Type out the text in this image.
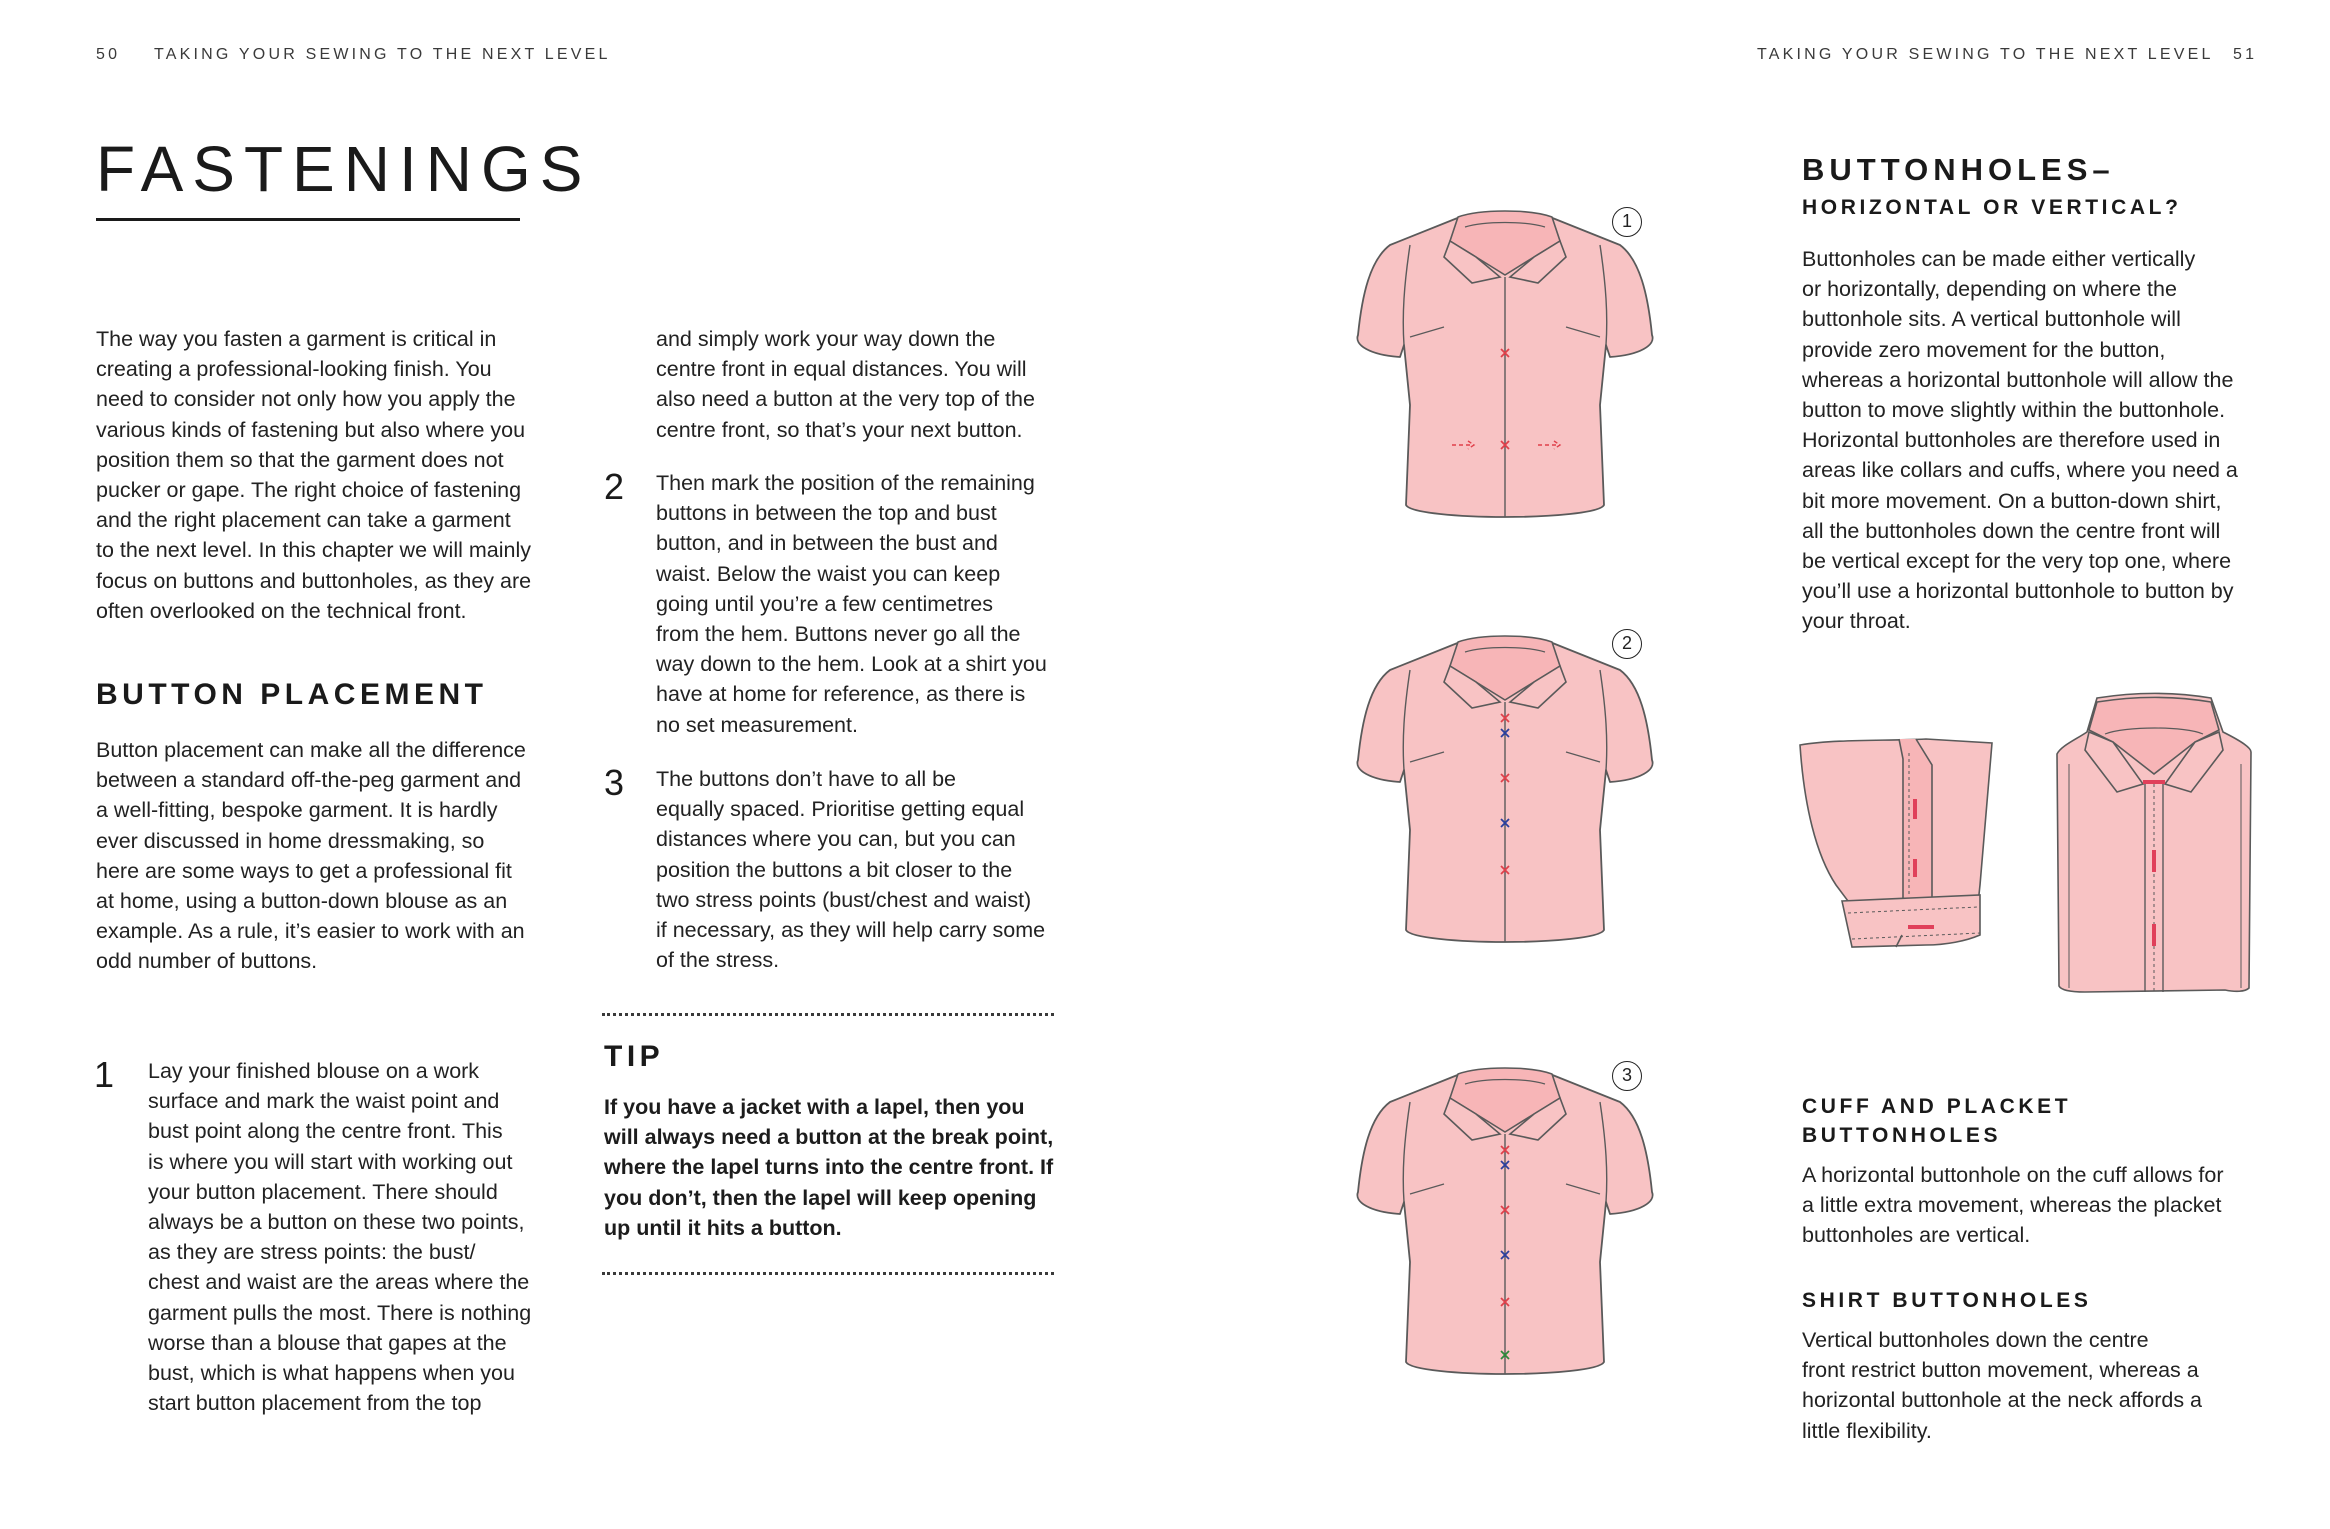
50 TAKING YOUR SEWING TO THE NEXT LEVEL	TAKING YOUR SEWING TO THE NEXT LEVEL 51
FASTENINGS
The way you fasten a garment is critical in
creating a professional-looking finish. You
need to consider not only how you apply the
various kinds of fastening but also where you
position them so that the garment does not
pucker or gape. The right choice of fastening
and the right placement can take a garment
to the next level. In this chapter we will mainly
focus on buttons and buttonholes, as they are
often overlooked on the technical front.
BUTTON PLACEMENT
Button placement can make all the difference
between a standard off-the-peg garment and
a well-fitting, bespoke garment. It is hardly
ever discussed in home dressmaking, so
here are some ways to get a professional fit
at home, using a button-down blouse as an
example. As a rule, it’s easier to work with an
odd number of buttons.
1 Lay your finished blouse on a work
surface and mark the waist point and
bust point along the centre front. This
is where you will start with working out
your button placement. There should
always be a button on these two points,
as they are stress points: the bust/
chest and waist are the areas where the
garment pulls the most. There is nothing
worse than a blouse that gapes at the
bust, which is what happens when you
start button placement from the top
and simply work your way down the
centre front in equal distances. You will
also need a button at the very top of the
centre front, so that’s your next button.
2 Then mark the position of the remaining
buttons in between the top and bust
button, and in between the bust and
waist. Below the waist you can keep
going until you’re a few centimetres
from the hem. Buttons never go all the
way down to the hem. Look at a shirt you
have at home for reference, as there is
no set measurement.
3 The buttons don’t have to all be
equally spaced. Prioritise getting equal
distances where you can, but you can
position the buttons a bit closer to the
two stress points (bust/chest and waist)
if necessary, as they will help carry some
of the stress.
TIP
If you have a jacket with a lapel, then you
will always need a button at the break point,
where the lapel turns into the centre front. If
you don’t, then the lapel will keep opening
up until it hits a button.
1
2
3
BUTTONHOLES–
HORIZONTAL OR VERTICAL?
Buttonholes can be made either vertically
or horizontally, depending on where the
buttonhole sits. A vertical buttonhole will
provide zero movement for the button,
whereas a horizontal buttonhole will allow the
button to move slightly within the buttonhole.
Horizontal buttonholes are therefore used in
areas like collars and cuffs, where you need a
bit more movement. On a button-down shirt,
all the buttonholes down the centre front will
be vertical except for the very top one, where
you’ll use a horizontal buttonhole to button by
your throat.
CUFF AND PLACKET
BUTTONHOLES
A horizontal buttonhole on the cuff allows for
a little extra movement, whereas the placket
buttonholes are vertical.
SHIRT BUTTONHOLES
Vertical buttonholes down the centre
front restrict button movement, whereas a
horizontal buttonhole at the neck affords a
little flexibility.
